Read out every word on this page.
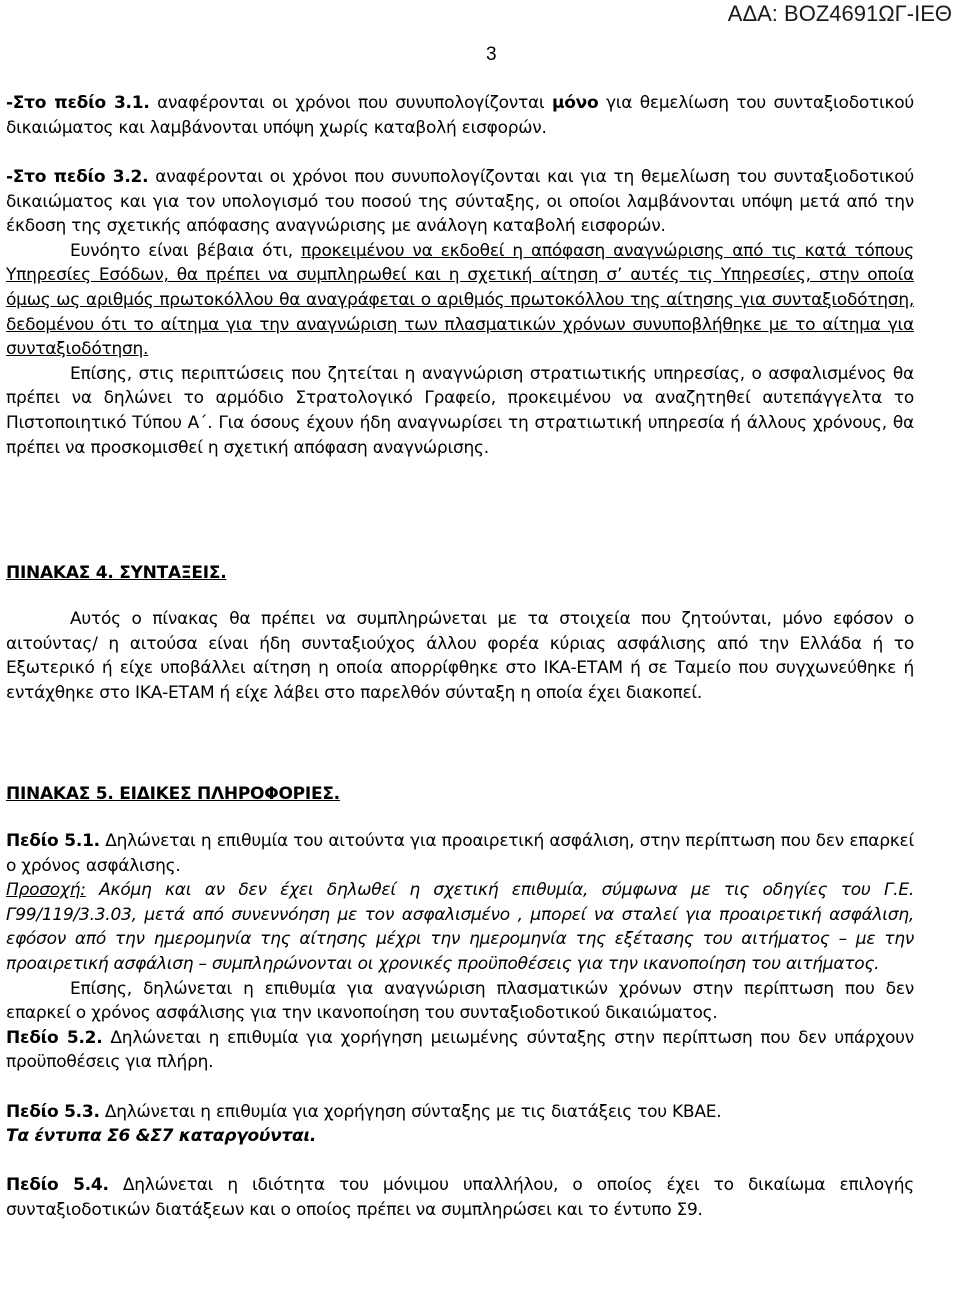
ΑΔΑ: ΒΟΖ4691ΩΓ-ΙΕΘ
3

-Στο πεδίο 3.1. αναφέρονται οι χρόνοι που συνυπολογίζονται μόνο για θεμελίωση του συνταξιοδοτικού δικαιώματος και λαμβάνονται υπόψη χωρίς καταβολή εισφορών.

-Στο πεδίο 3.2. αναφέρονται οι χρόνοι που συνυπολογίζονται και για τη θεμελίωση του συνταξιοδοτικού δικαιώματος και για τον υπολογισμό του ποσού της σύνταξης, οι οποίοι λαμβάνονται υπόψη μετά από την έκδοση της σχετικής απόφασης αναγνώρισης με ανάλογη καταβολή εισφορών.

Ευνόητο είναι βέβαια ότι, προκειμένου να εκδοθεί η απόφαση αναγνώρισης από τις κατά τόπους Υπηρεσίες Εσόδων, θα πρέπει να συμπληρωθεί και η σχετική αίτηση σ’ αυτές τις Υπηρεσίες, στην οποία όμως ως αριθμός πρωτοκόλλου θα αναγράφεται ο αριθμός πρωτοκόλλου της αίτησης για συνταξιοδότηση, δεδομένου ότι το αίτημα για την αναγνώριση των πλασματικών χρόνων συνυποβλήθηκε με το αίτημα για συνταξιοδότηση.

Επίσης, στις περιπτώσεις που ζητείται η αναγνώριση στρατιωτικής υπηρεσίας, ο ασφαλισμένος θα πρέπει να δηλώνει το αρμόδιο Στρατολογικό Γραφείο, προκειμένου να αναζητηθεί αυτεπάγγελτα το Πιστοποιητικό Τύπου Α΄. Για όσους έχουν ήδη αναγνωρίσει τη στρατιωτική υπηρεσία ή άλλους χρόνους, θα πρέπει να προσκομισθεί η σχετική απόφαση αναγνώρισης.

ΠΙΝΑΚΑΣ 4. ΣΥΝΤΑΞΕΙΣ.

Αυτός ο πίνακας θα πρέπει να συμπληρώνεται με τα στοιχεία που ζητούνται, μόνο εφόσον ο αιτούντας/ η αιτούσα είναι ήδη συνταξιούχος άλλου φορέα κύριας ασφάλισης από την Ελλάδα ή το Εξωτερικό ή είχε υποβάλλει αίτηση η οποία απορρίφθηκε στο ΙΚΑ-ΕΤΑΜ ή σε Ταμείο που συγχωνεύθηκε ή εντάχθηκε στο ΙΚΑ-ΕΤΑΜ ή είχε λάβει στο παρελθόν σύνταξη η οποία έχει διακοπεί.

ΠΙΝΑΚΑΣ 5. ΕΙΔΙΚΕΣ ΠΛΗΡΟΦΟΡΙΕΣ.

Πεδίο 5.1. Δηλώνεται η επιθυμία του αιτούντα για προαιρετική ασφάλιση, στην περίπτωση που δεν επαρκεί ο χρόνος ασφάλισης.

Προσοχή: Ακόμη και αν δεν έχει δηλωθεί η σχετική επιθυμία, σύμφωνα με τις οδηγίες του Γ.Ε. Γ99/119/3.3.03, μετά από συνεννόηση με τον ασφαλισμένο , μπορεί να σταλεί για προαιρετική ασφάλιση, εφόσον από την ημερομηνία της αίτησης μέχρι την ημερομηνία της εξέτασης του αιτήματος – με την προαιρετική ασφάλιση – συμπληρώνονται οι χρονικές προϋποθέσεις για την ικανοποίηση του αιτήματος.

Επίσης, δηλώνεται η επιθυμία για αναγνώριση πλασματικών χρόνων στην περίπτωση που δεν επαρκεί ο χρόνος ασφάλισης για την ικανοποίηση του συνταξιοδοτικού δικαιώματος.

Πεδίο 5.2. Δηλώνεται η επιθυμία για χορήγηση μειωμένης σύνταξης στην περίπτωση που δεν υπάρχουν προϋποθέσεις για πλήρη.

Πεδίο 5.3. Δηλώνεται η επιθυμία για χορήγηση σύνταξης με τις διατάξεις του ΚΒΑΕ.

Τα έντυπα Σ6 &Σ7 καταργούνται.

Πεδίο 5.4. Δηλώνεται η ιδιότητα του μόνιμου υπαλλήλου, ο οποίος έχει το δικαίωμα επιλογής συνταξιοδοτικών διατάξεων και ο οποίος πρέπει να συμπληρώσει και το έντυπο Σ9.
